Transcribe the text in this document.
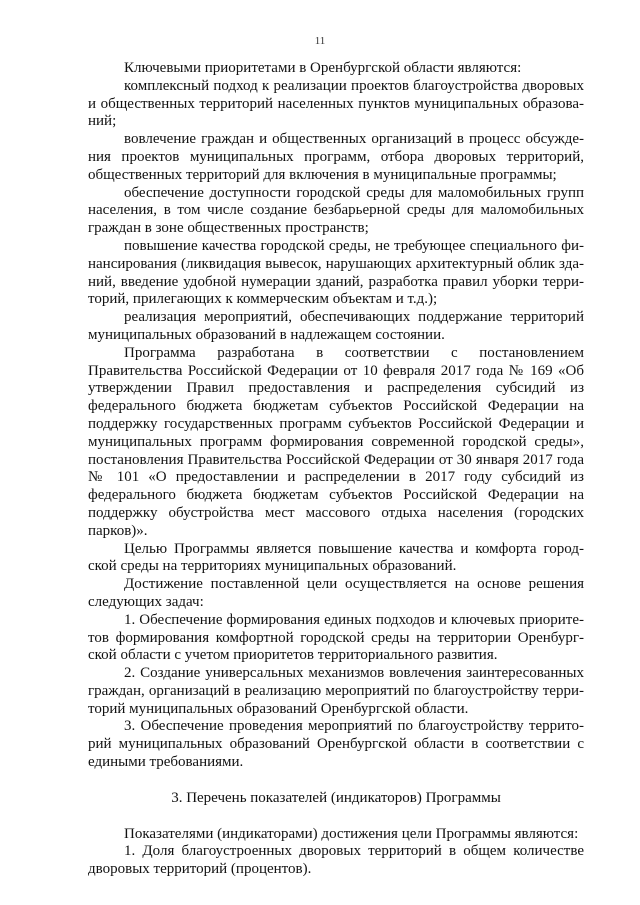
11

Ключевыми приоритетами в Оренбургской области являются:

комплексный подход к реализации проектов благоустройства дворовых и общественных территорий населенных пунктов муниципальных образований;

вовлечение граждан и общественных организаций в процесс обсуждения проектов муниципальных программ, отбора дворовых территорий, общественных территорий для включения в муниципальные программы;

обеспечение доступности городской среды для маломобильных групп населения, в том числе создание безбарьерной среды для маломобильных граждан в зоне общественных пространств;

повышение качества городской среды, не требующее специального финансирования (ликвидация вывесок, нарушающих архитектурный облик зданий, введение удобной нумерации зданий, разработка правил уборки территорий, прилегающих к коммерческим объектам и т.д.);

реализация мероприятий, обеспечивающих поддержание территорий муниципальных образований в надлежащем состоянии.

Программа разработана в соответствии с постановлением Правительства Российской Федерации от 10 февраля 2017 года № 169 «Об утверждении Правил предоставления и распределения субсидий из федерального бюджета бюджетам субъектов Российской Федерации на поддержку государственных программ субъектов Российской Федерации и муниципальных программ формирования современной городской среды», постановления Правительства Российской Федерации от 30 января 2017 года № 101 «О предоставлении и распределении в 2017 году субсидий из федерального бюджета бюджетам субъектов Российской Федерации на поддержку обустройства мест массового отдыха населения (городских парков)».

Целью Программы является повышение качества и комфорта городской среды на территориях муниципальных образований.

Достижение поставленной цели осуществляется на основе решения следующих задач:

1. Обеспечение формирования единых подходов и ключевых приоритетов формирования комфортной городской среды на территории Оренбургской области с учетом приоритетов территориального развития.

2. Создание универсальных механизмов вовлечения заинтересованных граждан, организаций в реализацию мероприятий по благоустройству территорий муниципальных образований Оренбургской области.

3. Обеспечение проведения мероприятий по благоустройству территорий муниципальных образований Оренбургской области в соответствии с едиными требованиями.

3. Перечень показателей (индикаторов) Программы

Показателями (индикаторами) достижения цели Программы являются:

1. Доля благоустроенных дворовых территорий в общем количестве дворовых территорий (процентов).
